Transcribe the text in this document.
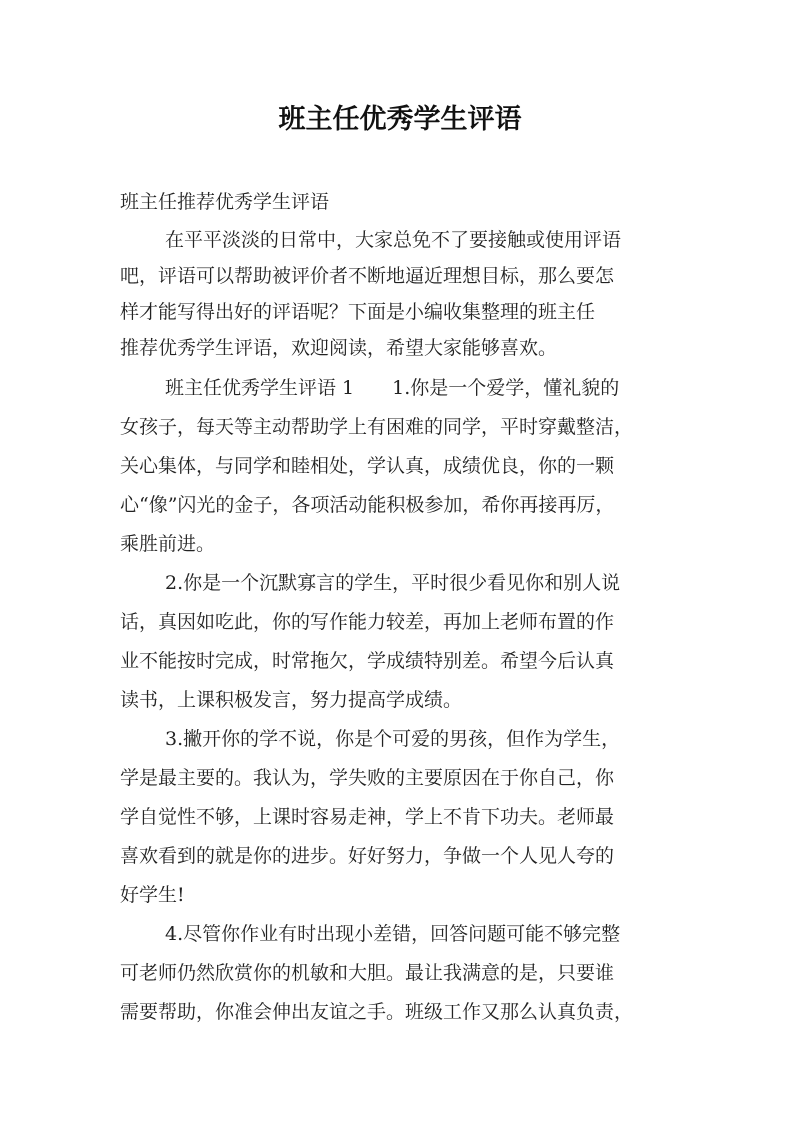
班主任优秀学生评语
班主任推荐优秀学生评语
在平平淡淡的日常中，大家总免不了要接触或使用评语
吧，评语可以帮助被评价者不断地逼近理想目标，那么要怎
样才能写得出好的评语呢？下面是小编收集整理的班主任
推荐优秀学生评语，欢迎阅读，希望大家能够喜欢。
班主任优秀学生评语 1　　1.你是一个爱学，懂礼貌的
女孩子，每天等主动帮助学上有困难的同学，平时穿戴整洁，
关心集体，与同学和睦相处，学认真，成绩优良，你的一颗
心“像”闪光的金子，各项活动能积极参加，希你再接再厉，
乘胜前进。
2.你是一个沉默寡言的学生，平时很少看见你和别人说
话，真因如吃此，你的写作能力较差，再加上老师布置的作
业不能按时完成，时常拖欠，学成绩特别差。希望今后认真
读书，上课积极发言，努力提高学成绩。
3.撇开你的学不说，你是个可爱的男孩，但作为学生，
学是最主要的。我认为，学失败的主要原因在于你自己，你
学自觉性不够，上课时容易走神，学上不肯下功夫。老师最
喜欢看到的就是你的进步。好好努力，争做一个人见人夸的
好学生!
4.尽管你作业有时出现小差错，回答问题可能不够完整
可老师仍然欣赏你的机敏和大胆。最让我满意的是，只要谁
需要帮助，你准会伸出友谊之手。班级工作又那么认真负责，
